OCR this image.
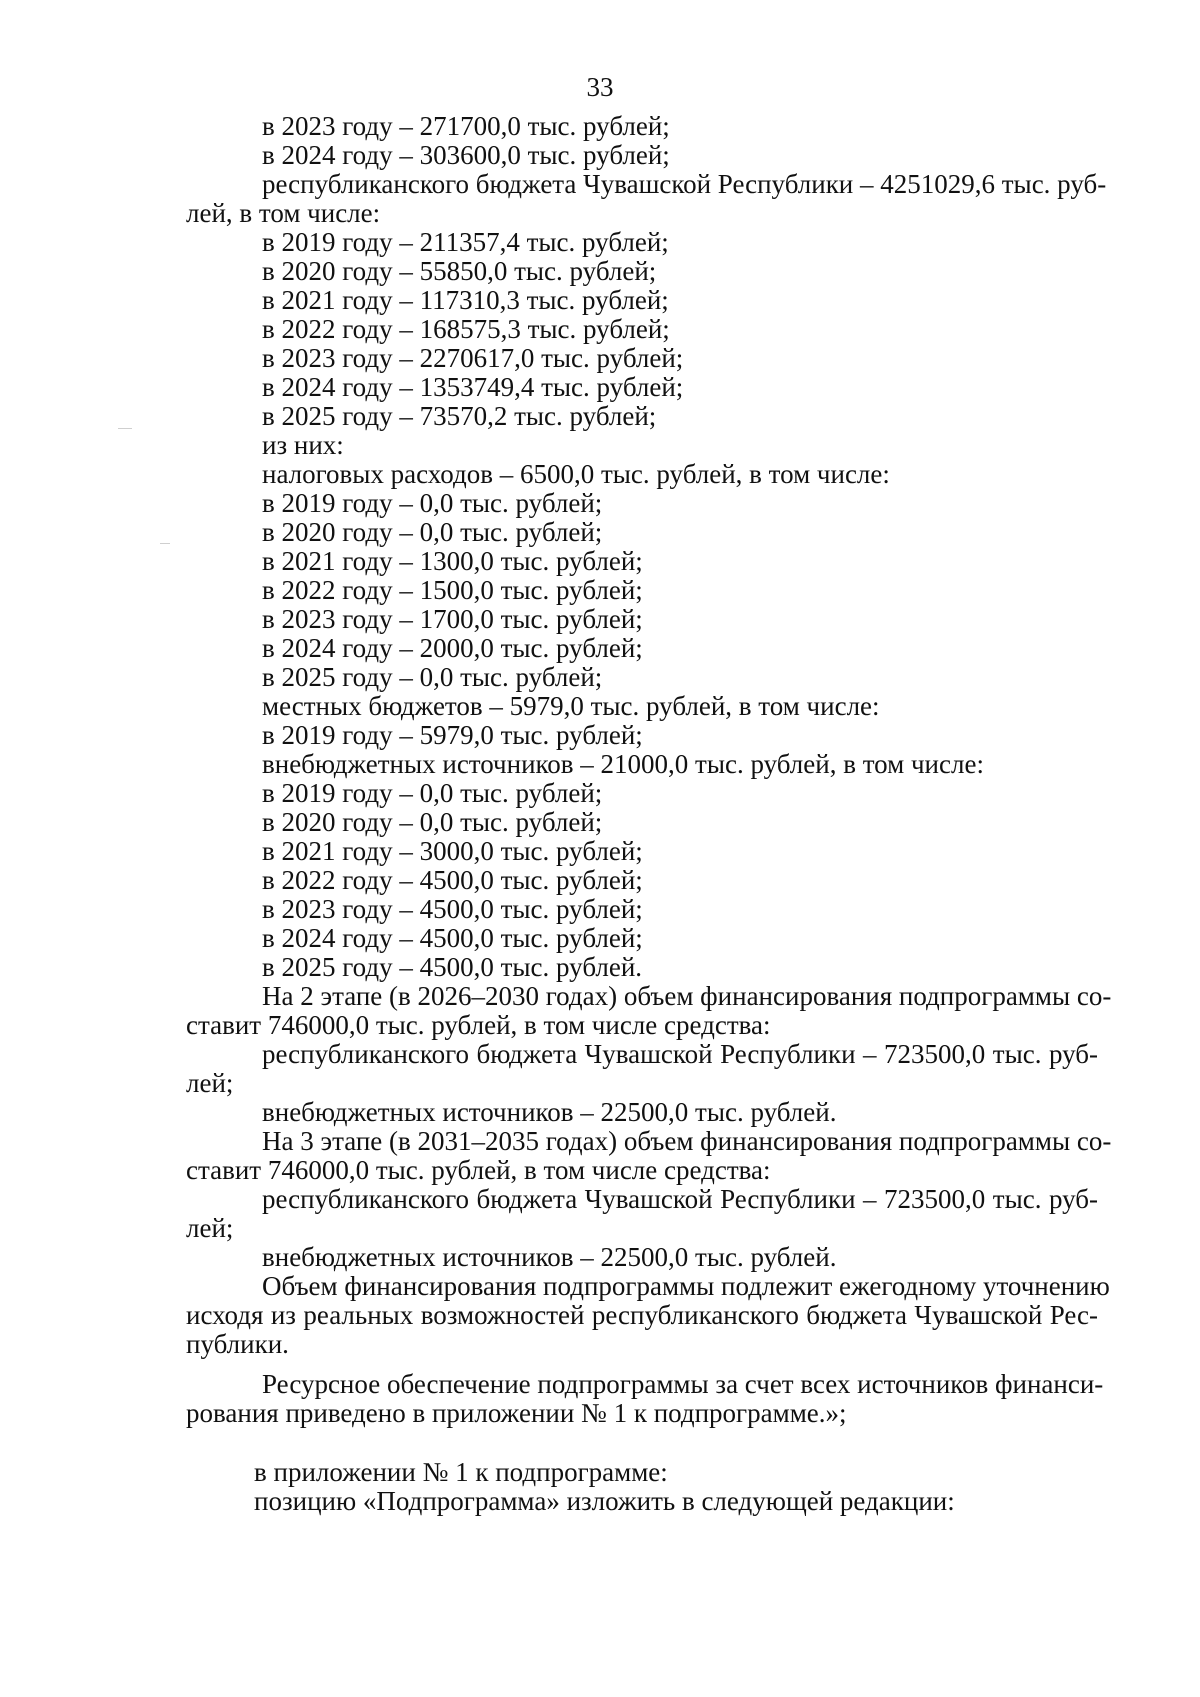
33
в 2023 году – 271700,0 тыс. рублей;
в 2024 году – 303600,0 тыс. рублей;
республиканского бюджета Чувашской Республики – 4251029,6 тыс. руб-
лей, в том числе:
в 2019 году – 211357,4 тыс. рублей;
в 2020 году – 55850,0 тыс. рублей;
в 2021 году – 117310,3 тыс. рублей;
в 2022 году – 168575,3 тыс. рублей;
в 2023 году – 2270617,0 тыс. рублей;
в 2024 году – 1353749,4 тыс. рублей;
в 2025 году – 73570,2 тыс. рублей;
из них:
налоговых расходов – 6500,0 тыс. рублей, в том числе:
в 2019 году – 0,0 тыс. рублей;
в 2020 году – 0,0 тыс. рублей;
в 2021 году – 1300,0 тыс. рублей;
в 2022 году – 1500,0 тыс. рублей;
в 2023 году – 1700,0 тыс. рублей;
в 2024 году – 2000,0 тыс. рублей;
в 2025 году – 0,0 тыс. рублей;
местных бюджетов – 5979,0 тыс. рублей, в том числе:
в 2019 году – 5979,0 тыс. рублей;
внебюджетных источников – 21000,0 тыс. рублей, в том числе:
в 2019 году – 0,0 тыс. рублей;
в 2020 году – 0,0 тыс. рублей;
в 2021 году – 3000,0 тыс. рублей;
в 2022 году – 4500,0 тыс. рублей;
в 2023 году – 4500,0 тыс. рублей;
в 2024 году – 4500,0 тыс. рублей;
в 2025 году – 4500,0 тыс. рублей.
На 2 этапе (в 2026–2030 годах) объем финансирования подпрограммы со-
ставит 746000,0 тыс. рублей, в том числе средства:
республиканского бюджета Чувашской Республики – 723500,0 тыс. руб-
лей;
внебюджетных источников – 22500,0 тыс. рублей.
На 3 этапе (в 2031–2035 годах) объем финансирования подпрограммы со-
ставит 746000,0 тыс. рублей, в том числе средства:
республиканского бюджета Чувашской Республики – 723500,0 тыс. руб-
лей;
внебюджетных источников – 22500,0 тыс. рублей.
Объем финансирования подпрограммы подлежит ежегодному уточнению
исходя из реальных возможностей республиканского бюджета Чувашской Рес-
публики.
Ресурсное обеспечение подпрограммы за счет всех источников финанси-
рования приведено в приложении № 1 к подпрограмме.»;
в приложении № 1 к подпрограмме:
позицию «Подпрограмма» изложить в следующей редакции:
